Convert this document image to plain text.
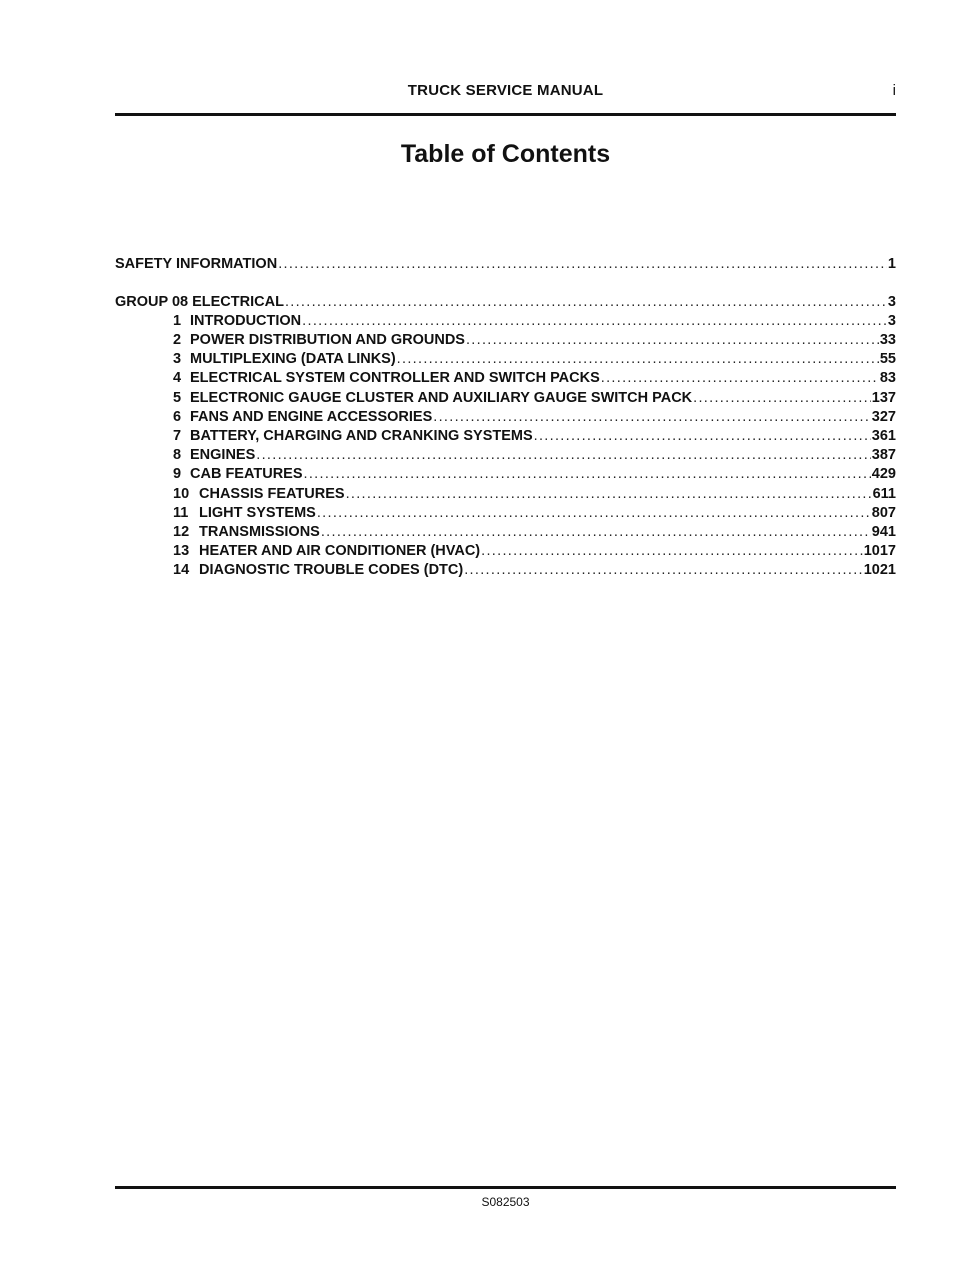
TRUCK SERVICE MANUAL	i
Table of Contents
SAFETY INFORMATION .....	1
GROUP 08 ELECTRICAL .....	3
1 INTRODUCTION .....	3
2 POWER DISTRIBUTION AND GROUNDS .....	33
3 MULTIPLEXING (DATA LINKS) .....	55
4 ELECTRICAL SYSTEM CONTROLLER AND SWITCH PACKS .....	83
5 ELECTRONIC GAUGE CLUSTER AND AUXILIARY GAUGE SWITCH PACK .....	137
6 FANS AND ENGINE ACCESSORIES .....	327
7 BATTERY, CHARGING AND CRANKING SYSTEMS .....	361
8 ENGINES .....	387
9 CAB FEATURES .....	429
10 CHASSIS FEATURES .....	611
11 LIGHT SYSTEMS .....	807
12 TRANSMISSIONS .....	941
13 HEATER AND AIR CONDITIONER (HVAC) .....	1017
14 DIAGNOSTIC TROUBLE CODES (DTC) .....	1021
S082503
